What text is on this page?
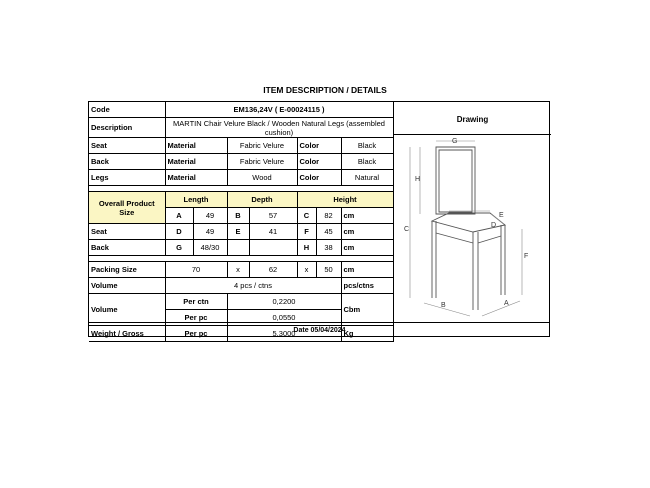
ITEM DESCRIPTION / DETAILS
Code	EM136,24V ( E-00024115 )						
Description	MARTIN Chair Velure Black / Wooden Natural Legs (assembled cushion)						
Seat	Material		Fabric Velure		Color		Black
Back	Material		Fabric Velure		Color		Black
Legs	Material		Wood		Color		Natural

Overall Product Size	Length		Depth		Height		
	A	49	B	57	C	82	cm
Seat	D	49	E	41	F	45	cm
Back	G	48/30			H	38	cm

Packing Size	70		x	62	x	50	cm
Volume	4 pcs / ctns						pcs/ctns
Volume	Per ctn		0,2200				Cbm
	Per pc		0,0550				
Weight / Gross	Per pc		5,3000				Kg
Drawing
G
H
C
D
E
F
B	A
Date 05/04/2024
